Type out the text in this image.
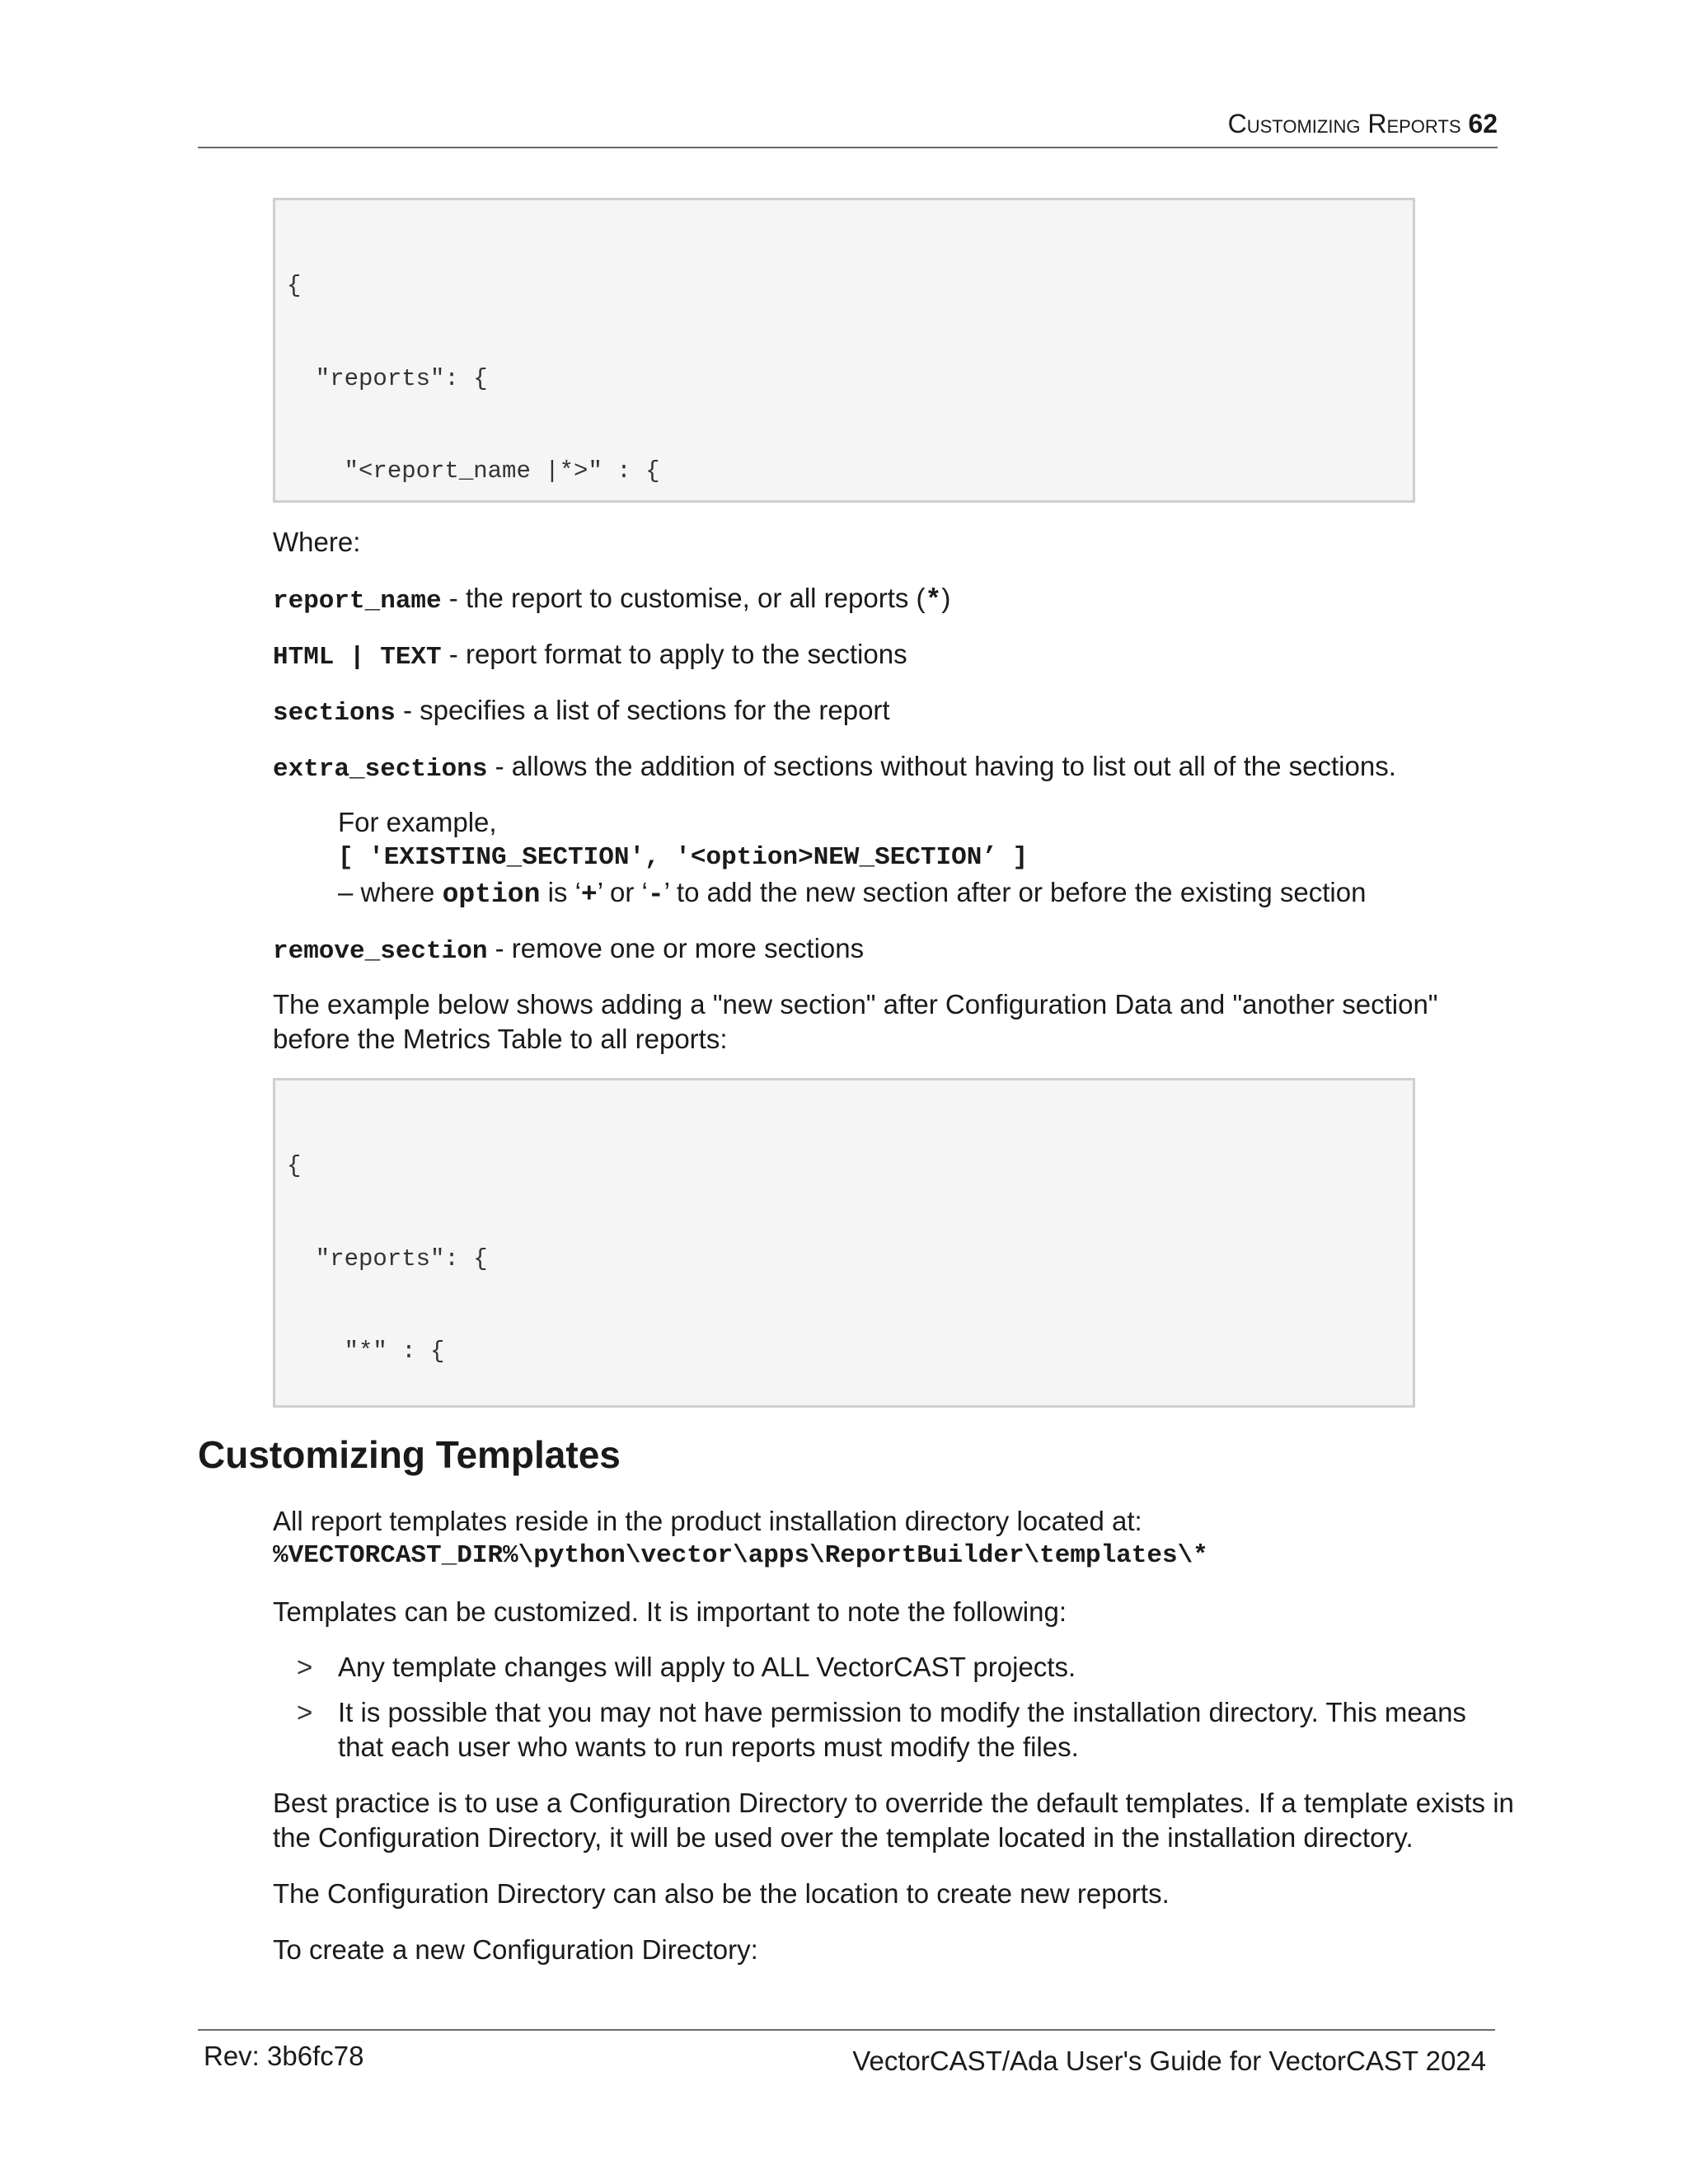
Customizing Reports 62

{

"reports": {

"<report_name |*>" : {

Where:
report_name - the report to customise, or all reports (*)
HTML | TEXT - report format to apply to the sections
sections - specifies a list of sections for the report
extra_sections - allows the addition of sections without having to list out all of the sections.
For example,
[ 'EXISTING_SECTION', '<option>NEW_SECTION’ ]
– where option is ‘+’ or ‘-’ to add the new section after or before the existing section
remove_section - remove one or more sections
The example below shows adding a "new section" after Configuration Data and "another section"
before the Metrics Table to all reports:

{

"reports": {

"*" : {

Customizing Templates
All report templates reside in the product installation directory located at:
%VECTORCAST_DIR%\python\vector\apps\ReportBuilder\templates\*
Templates can be customized. It is important to note the following:
> Any template changes will apply to ALL VectorCAST projects.
> It is possible that you may not have permission to modify the installation directory. This means
that each user who wants to run reports must modify the files.
Best practice is to use a Configuration Directory to override the default templates. If a template exists in
the Configuration Directory, it will be used over the template located in the installation directory.
The Configuration Directory can also be the location to create new reports.
To create a new Configuration Directory:
Rev: 3b6fc78	VectorCAST/Ada User's Guide for VectorCAST 2024
